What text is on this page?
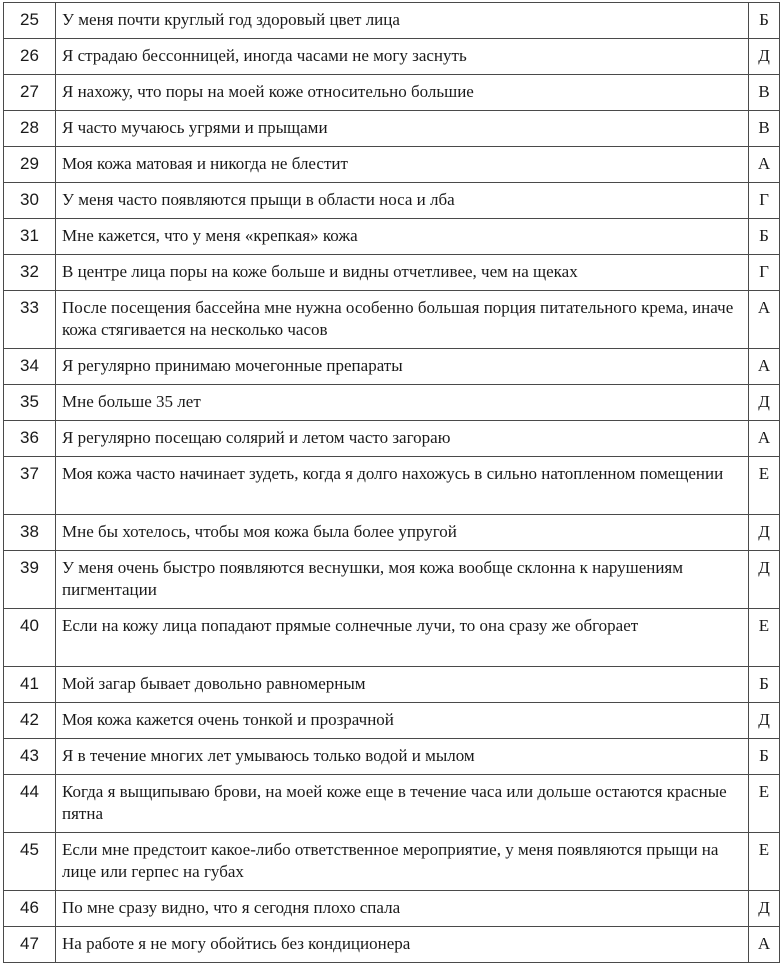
25	У меня почти круглый год здоровый цвет лица	Б
26	Я страдаю бессонницей, иногда часами не могу заснуть	Д
27	Я нахожу, что поры на моей коже относительно большие	В
28	Я часто мучаюсь угрями и прыщами	В
29	Моя кожа матовая и никогда не блестит	А
30	У меня часто появляются прыщи в области носа и лба	Г
31	Мне кажется, что у меня «крепкая» кожа	Б
32	В центре лица поры на коже больше и видны отчетливее, чем на щеках	Г
33	После посещения бассейна мне нужна особенно большая порция питательного крема, иначе кожа стягивается на несколько часов	А
34	Я регулярно принимаю мочегонные препараты	А
35	Мне больше 35 лет	Д
36	Я регулярно посещаю солярий и летом часто загораю	А
37	Моя кожа часто начинает зудеть, когда я долго нахожусь в сильно натопленном помещении	Е
38	Мне бы хотелось, чтобы моя кожа была более упругой	Д
39	У меня очень быстро появляются веснушки, моя кожа вообще склонна к нарушениям пигментации	Д
40	Если на кожу лица попадают прямые солнечные лучи, то она сразу же обгорает	Е
41	Мой загар бывает довольно равномерным	Б
42	Моя кожа кажется очень тонкой и прозрачной	Д
43	Я в течение многих лет умываюсь только водой и мылом	Б
44	Когда я выщипываю брови, на моей коже еще в течение часа или дольше остаются красные пятна	Е
45	Если мне предстоит какое-либо ответственное мероприятие, у меня появляются прыщи на лице или герпес на губах	Е
46	По мне сразу видно, что я сегодня плохо спала	Д
47	На работе я не могу обойтись без кондиционера	А
